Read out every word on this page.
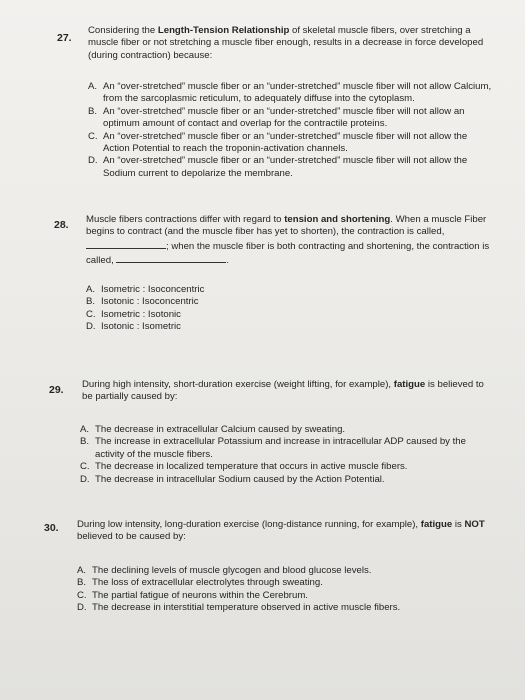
27.
Considering the Length-Tension Relationship of skeletal muscle fibers, over stretching a muscle fiber or not stretching a muscle fiber enough, results in a decrease in force developed (during contraction) because:
A. An “over-stretched” muscle fiber or an “under-stretched” muscle fiber will not allow Calcium, from the sarcoplasmic reticulum, to adequately diffuse into the cytoplasm.
B. An “over-stretched” muscle fiber or an “under-stretched” muscle fiber will not allow an optimum amount of contact and overlap for the contractile proteins.
C. An “over-stretched” muscle fiber or an “under-stretched” muscle fiber will not allow the Action Potential to reach the troponin-activation channels.
D. An “over-stretched” muscle fiber or an “under-stretched” muscle fiber will not allow the Sodium current to depolarize the membrane.
28. Muscle fibers contractions differ with regard to tension and shortening. When a muscle Fiber begins to contract (and the muscle fiber has yet to shorten), the contraction is called, ; when the muscle fiber is both contracting and shortening, the contraction is called,	.
A. Isometric : Isoconcentric
B. Isotonic : Isoconcentric
C. Isometric : Isotonic
D. Isotonic : Isometric
29. During high intensity, short-duration exercise (weight lifting, for example), fatigue is believed to be partially caused by:
A. The decrease in extracellular Calcium caused by sweating.
B. The increase in extracellular Potassium and increase in intracellular ADP caused by the activity of the muscle fibers.
C. The decrease in localized temperature that occurs in active muscle fibers.
D. The decrease in intracellular Sodium caused by the Action Potential.
30. During low intensity, long-duration exercise (long-distance running, for example), fatigue is NOT believed to be caused by:
A. The declining levels of muscle glycogen and blood glucose levels.
B. The loss of extracellular electrolytes through sweating.
C. The partial fatigue of neurons within the Cerebrum.
D. The decrease in interstitial temperature observed in active muscle fibers.
